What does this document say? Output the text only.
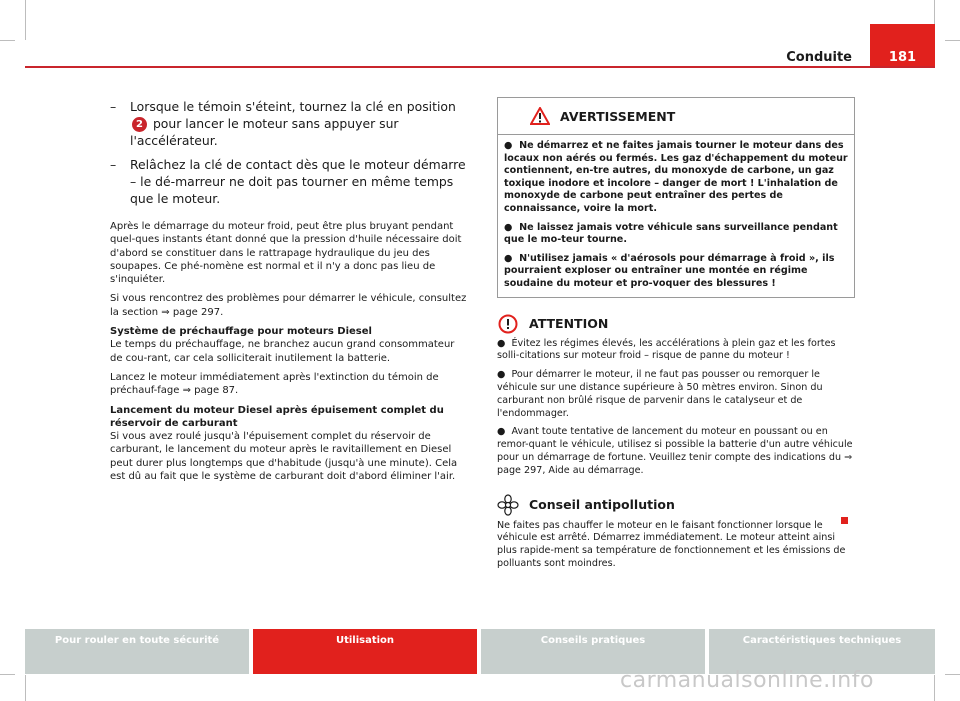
Conduite	181
– Lorsque le témoin s'éteint, tournez la clé en position 2 pour lancer le moteur sans appuyer sur l'accélérateur.
– Relâchez la clé de contact dès que le moteur démarre – le dé-marreur ne doit pas tourner en même temps que le moteur.

Après le démarrage du moteur froid, peut être plus bruyant pendant quel-ques instants étant donné que la pression d'huile nécessaire doit d'abord se constituer dans le rattrapage hydraulique du jeu des soupapes. Ce phé-nomène est normal et il n'y a donc pas lieu de s'inquiéter.

Si vous rencontrez des problèmes pour démarrer le véhicule, consultez la section ⇒ page 297.

Système de préchauffage pour moteurs Diesel

Le temps du préchauffage, ne branchez aucun grand consommateur de cou-rant, car cela solliciterait inutilement la batterie.

Lancez le moteur immédiatement après l'extinction du témoin de préchauf-fage ⇒ page 87.

Lancement du moteur Diesel après épuisement complet du réservoir de carburant

Si vous avez roulé jusqu'à l'épuisement complet du réservoir de carburant, le lancement du moteur après le ravitaillement en Diesel peut durer plus longtemps que d'habitude (jusqu'à une minute). Cela est dû au fait que le système de carburant doit d'abord éliminer l'air.

AVERTISSEMENT
●  Ne démarrez et ne faites jamais tourner le moteur dans des locaux non aérés ou fermés. Les gaz d'échappement du moteur contiennent, en-tre autres, du monoxyde de carbone, un gaz toxique inodore et incolore – danger de mort ! L'inhalation de monoxyde de carbone peut entraîner des pertes de connaissance, voire la mort.
●  Ne laissez jamais votre véhicule sans surveillance pendant que le mo-teur tourne.
●  N'utilisez jamais « d'aérosols pour démarrage à froid », ils pourraient exploser ou entraîner une montée en régime soudaine du moteur et pro-voquer des blessures !
ATTENTION
●  Évitez les régimes élevés, les accélérations à plein gaz et les fortes solli-citations sur moteur froid – risque de panne du moteur !
●  Pour démarrer le moteur, il ne faut pas pousser ou remorquer le véhicule sur une distance supérieure à 50 mètres environ. Sinon du carburant non brûlé risque de parvenir dans le catalyseur et de l'endommager.
●  Avant toute tentative de lancement du moteur en poussant ou en remor-quant le véhicule, utilisez si possible la batterie d'un autre véhicule pour un démarrage de fortune. Veuillez tenir compte des indications du ⇒ page 297, Aide au démarrage.
Conseil antipollution
Ne faites pas chauffer le moteur en le faisant fonctionner lorsque le véhicule est arrêté. Démarrez immédiatement. Le moteur atteint ainsi plus rapide-ment sa température de fonctionnement et les émissions de polluants sont moindres.
Pour rouler en toute sécurité	Utilisation	Conseils pratiques	Caractéristiques techniques
carmanualsonline.info
